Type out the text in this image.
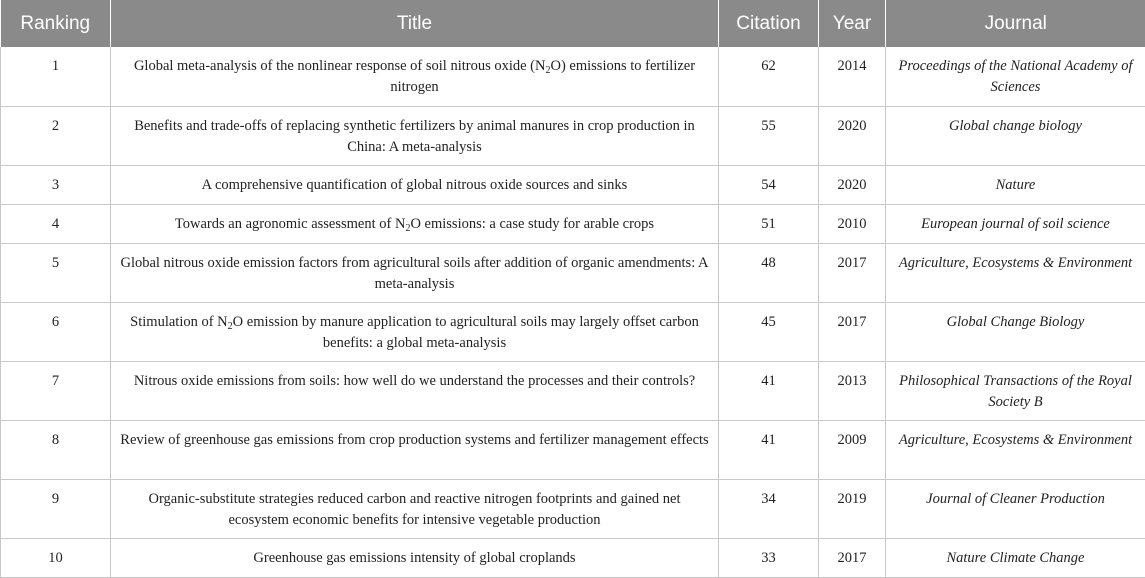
Ranking	Title	Citation	Year	Journal
1	Global meta-analysis of the nonlinear response of soil nitrous oxide $(N_2O)$ emissions to fertilizer nitrogen	62	2014	Proceedings of the National Academy of Sciences
2	Benefits and trade-offs of replacing synthetic fertilizers by animal manures in crop production in China: A meta-analysis	55	2020	Global change biology
3	A comprehensive quantification of global nitrous oxide sources and sinks	54	2020	Nature
4	Towards an agronomic assessment of $N_2O$ emissions: a case study for arable crops	51	2010	European journal of soil science
5	Global nitrous oxide emission factors from agricultural soils after addition of organic amendments: A meta-analysis	48	2017	Agriculture, Ecosystems & Environment
6	Stimulation of $N_2O$ emission by manure application to agricultural soils may largely offset carbon benefits: a global meta-analysis	45	2017	Global Change Biology
7	Nitrous oxide emissions from soils: how well do we understand the processes and their controls?	41	2013	Philosophical Transactions of the Royal Society B
8	Review of greenhouse gas emissions from crop production systems and fertilizer management effects	41	2009	Agriculture, Ecosystems & Environment
9	Organic-substitute strategies reduced carbon and reactive nitrogen footprints and gained net ecosystem economic benefits for intensive vegetable production	34	2019	Journal of Cleaner Production
10	Greenhouse gas emissions intensity of global croplands	33	2017	Nature Climate Change
